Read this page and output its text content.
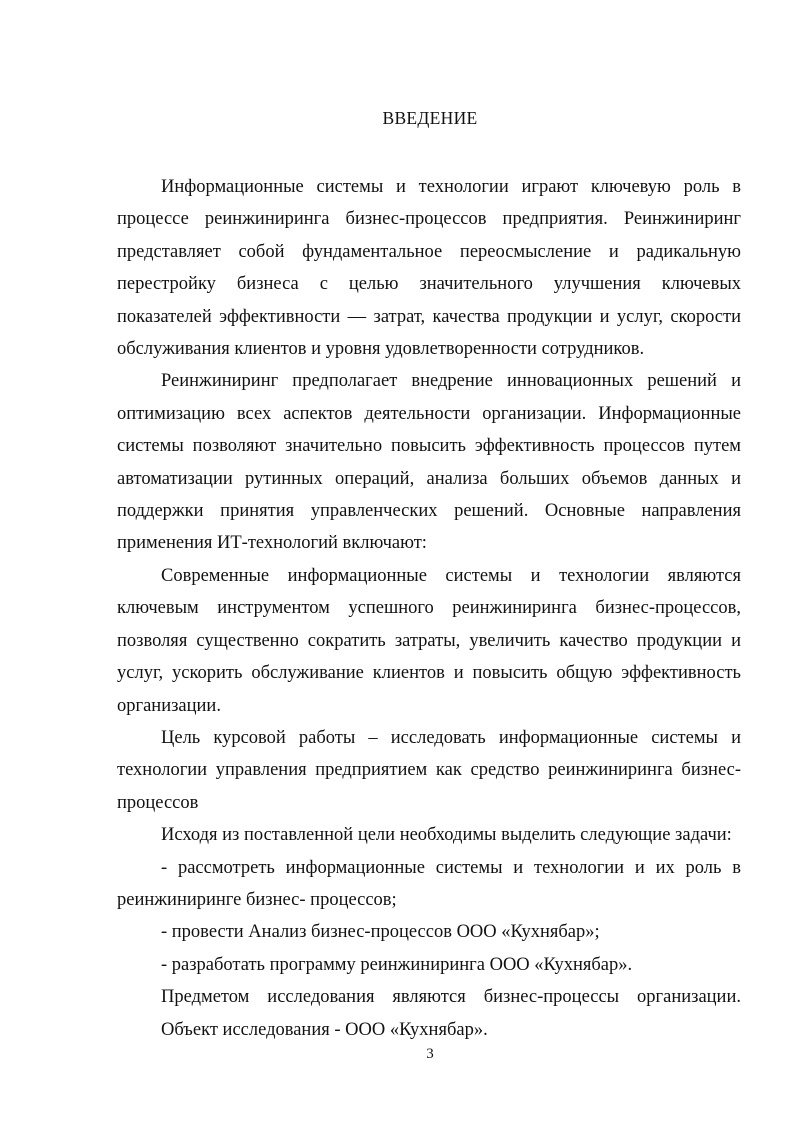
ВВЕДЕНИЕ

Информационные системы и технологии играют ключевую роль в процессе реинжиниринга бизнес-процессов предприятия. Реинжиниринг представляет собой фундаментальное переосмысление и радикальную перестройку бизнеса с целью значительного улучшения ключевых показателей эффективности — затрат, качества продукции и услуг, скорости обслуживания клиентов и уровня удовлетворенности сотрудников.

Реинжиниринг предполагает внедрение инновационных решений и оптимизацию всех аспектов деятельности организации. Информационные системы позволяют значительно повысить эффективность процессов путем автоматизации рутинных операций, анализа больших объемов данных и поддержки принятия управленческих решений. Основные направления применения ИТ-технологий включают:

Современные информационные системы и технологии являются ключевым инструментом успешного реинжиниринга бизнес-процессов, позволяя существенно сократить затраты, увеличить качество продукции и услуг, ускорить обслуживание клиентов и повысить общую эффективность организации.

Цель курсовой работы – исследовать информационные системы и технологии управления предприятием как средство реинжиниринга бизнес-процессов

Исходя из поставленной цели необходимы выделить следующие задачи:

- рассмотреть информационные системы и технологии и их роль в реинжиниринге бизнес- процессов;

- провести Анализ бизнес-процессов ООО «Кухнябар»;

- разработать программу реинжиниринга ООО «Кухнябар».

Предметом исследования являются бизнес-процессы организации.

Объект исследования - ООО «Кухнябар».

3
